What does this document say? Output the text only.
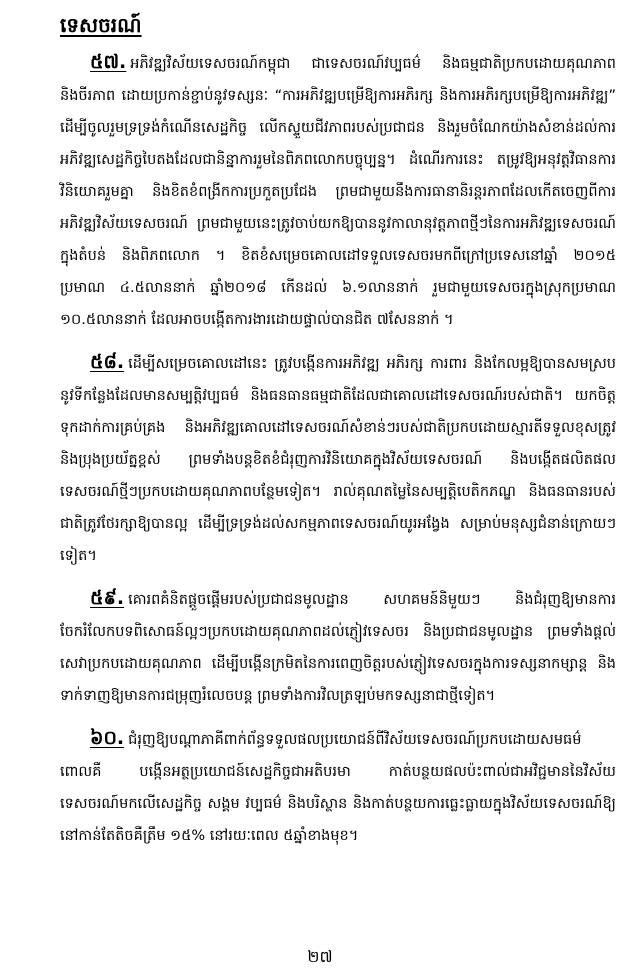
ទេសចរណ៍

៥៧. អភិវឌ្ឍវិស័យទេសចរណ៍កម្ពុជា ជាទេសចរណ៍វប្បធម៌ និងធម្មជាតិប្រកបដោយគុណភាព និងចីរភាព ដោយប្រកាន់ខ្ជាប់នូវទស្សនៈ “ការអភិវឌ្ឍបម្រើឱ្យការអភិរក្ស និងការអភិរក្សបម្រើឱ្យការអភិវឌ្ឍ” ដើម្បីចូលរួមទ្រទ្រង់កំណើនសេដ្ឋកិច្ច លើកស្ទួយជីវភាពរបស់ប្រជាជន និងរួមចំណែកយ៉ាងសំខាន់ដល់ការអភិវឌ្ឍសេដ្ឋកិច្ចបៃតងដែលជានិន្នាការរួមនៃពិភពលោកបច្ចុប្បន្ន។ ដំណើរការនេះ តម្រូវឱ្យអនុវត្តវិធានការវិនិយោគរួមគ្នា និងខិតខំពង្រីកការប្រកួតប្រជែង ព្រមជាមួយនឹងការធានានិរន្តរភាពដែលកើតចេញពីការអភិវឌ្ឍវិស័យទេសចរណ៍ ព្រមជាមួយនេះត្រូវចាប់យកឱ្យបាននូវកាលានុវត្តភាពថ្មីៗនៃការអភិវឌ្ឍទេសចរណ៍ក្នុងតំបន់ និងពិភពលោក ។ ខិតខំសម្រេចគោលដៅទទួលទេសចរមកពីក្រៅប្រទេសនៅឆ្នាំ ២០១៥ ប្រមាណ ៤.៥លាននាក់ ឆ្នាំ២០១៨ កើនដល់ ៦.១លាននាក់ រួមជាមួយទេសចរក្នុងស្រុកប្រមាណ ១០.៥លាននាក់ ដែលអាចបង្កើតការងារដោយផ្ទាល់បានជិត ៧សែននាក់ ។

៥៨. ដើម្បីសម្រេចគោលដៅនេះ ត្រូវបង្កើនការអភិវឌ្ឍ អភិរក្ស ការពារ និងកែលម្អឱ្យបានសមស្របនូវទីកន្លែងដែលមានសម្បត្តិវប្បធម៌ និងធនធានធម្មជាតិដែលជាគោលដៅទេសចរណ៍របស់ជាតិ។ យកចិត្តទុកដាក់ការគ្រប់គ្រង និងអភិវឌ្ឍគោលដៅទេសចរណ៍សំខាន់ៗរបស់ជាតិប្រកបដោយស្មារតីទទួលខុសត្រូវ និងប្រុងប្រយ័ត្នខ្ពស់ ព្រមទាំងបន្តខិតខំជំរុញការវិនិយោគក្នុងវិស័យទេសចរណ៍ និងបង្កើតផលិតផលទេសចរណ៍ថ្មីៗប្រកបដោយគុណភាពបន្ថែមទៀត។ រាល់គុណតម្លៃនៃសម្បត្តិបេតិកភណ្ឌ និងធនធានរបស់ជាតិត្រូវថែរក្សាឱ្យបានល្អ ដើម្បីទ្រទ្រង់ដល់សកម្មភាពទេសចរណ៍យូរអង្វែង សម្រាប់មនុស្សជំនាន់ក្រោយៗទៀត។

៥៩. គោរពគំនិតផ្តួចផ្តើមរបស់ប្រជាជនមូលដ្ឋាន សហគមន៍និមួយៗ និងជំរុញឱ្យមានការចែករំលែកបទពិសោធន៍ល្អៗប្រកបដោយគុណភាពដល់ភ្ញៀវទេសចរ និងប្រជាជនមូលដ្ឋាន ព្រមទាំងផ្តល់សេវាប្រកបដោយគុណភាព ដើម្បីបង្កើនក្រមិតនៃការពេញចិត្តរបស់ភ្ញៀវទេសចរក្នុងការទស្សនាកម្សាន្ត និងទាក់ទាញឱ្យមានការជម្រុញរំលេចបន្ត ព្រមទាំងការវិលត្រឡប់មកទស្សនាជាថ្មីទៀត។

៦០. ជំរុញឱ្យបណ្ដាភាគីពាក់ព័ន្ធទទួលផលប្រយោជន៍ពីវិស័យទេសចរណ៍ប្រកបដោយសមធម៌ ពោលគឺ បង្កើនអត្ថប្រយោជន៍សេដ្ឋកិច្ចជាអតិបរមា កាត់បន្ថយផលប៉ះពាល់ជាអវិជ្ជមាននៃវិស័យទេសចរណ៍មកលើសេដ្ឋកិច្ច សង្គម វប្បធម៌ និងបរិស្ថាន និងកាត់បន្ថយការធ្លេះធ្លាយក្នុងវិស័យទេសចរណ៍ឱ្យនៅកាន់តែតិចគឺត្រឹម ១៥% នៅរយៈពេល ៥ឆ្នាំខាងមុខ។

២៧
